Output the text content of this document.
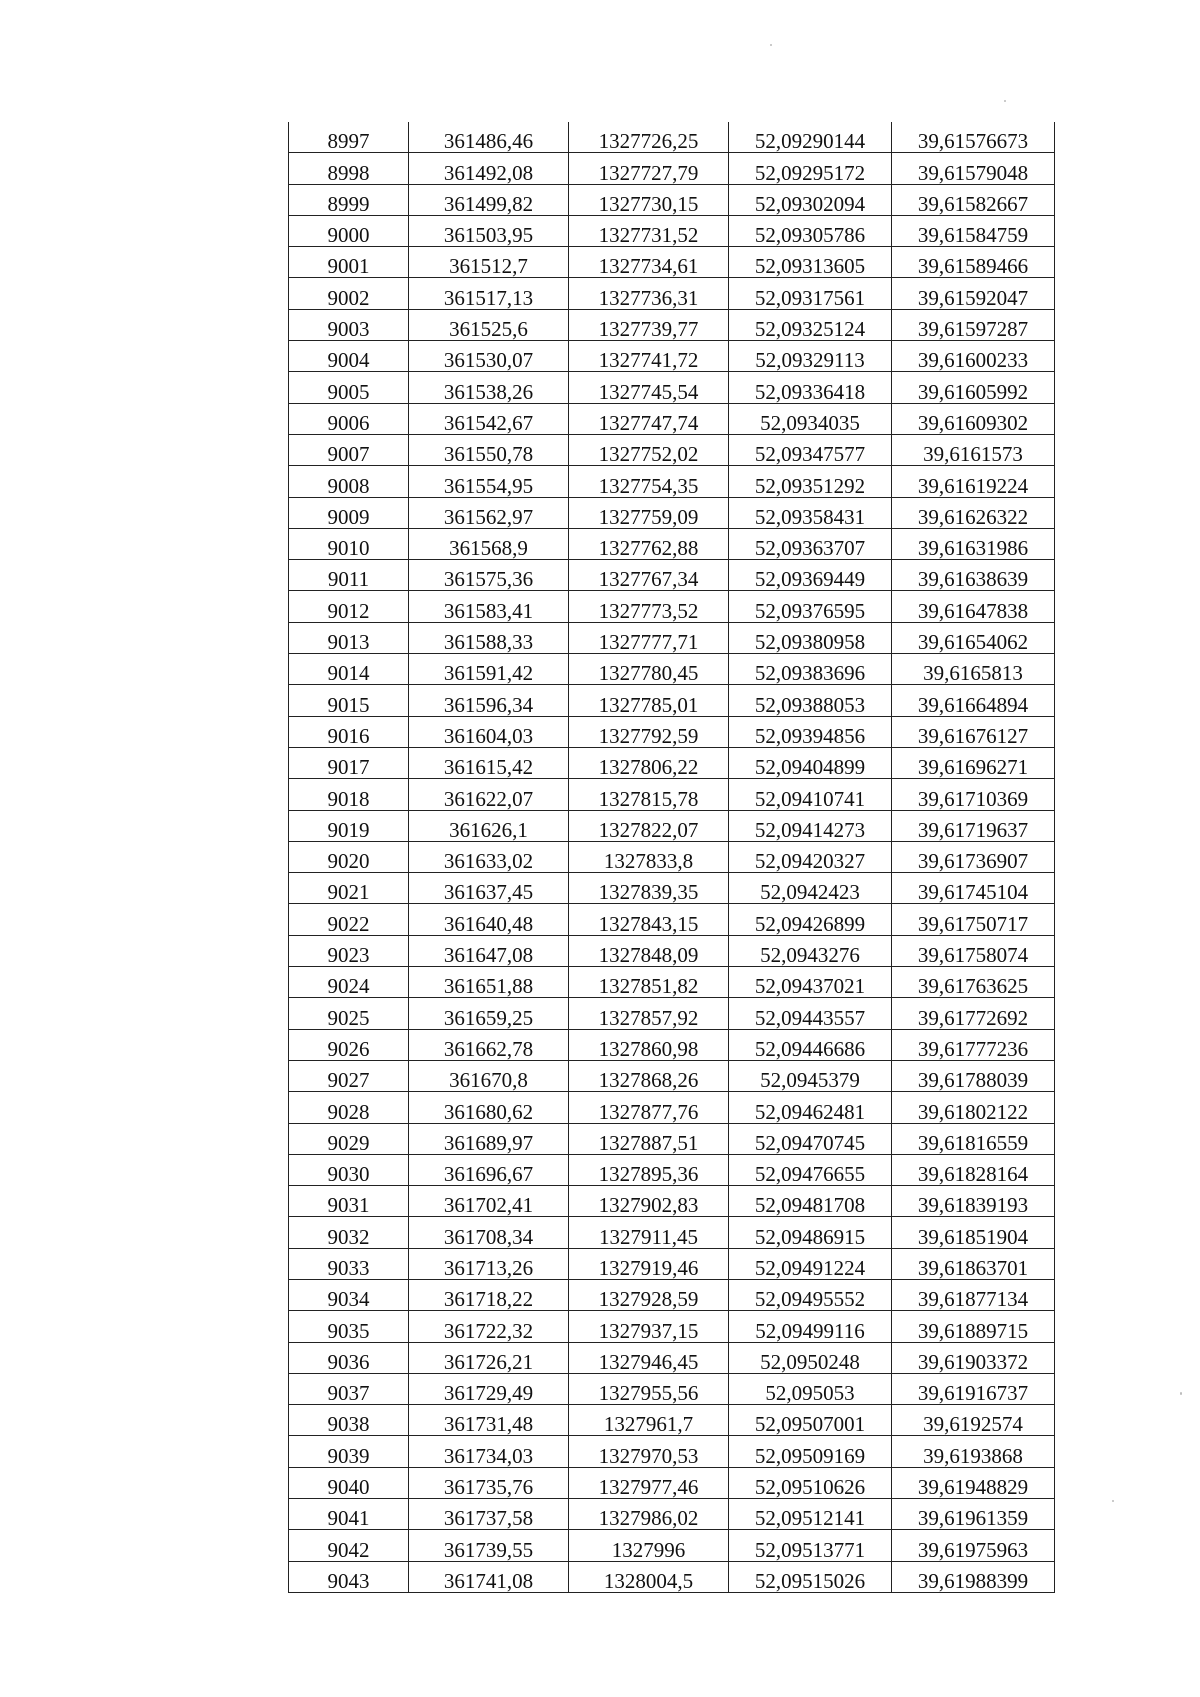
8997	361486,46	1327726,25	52,09290144	39,61576673
8998	361492,08	1327727,79	52,09295172	39,61579048
8999	361499,82	1327730,15	52,09302094	39,61582667
9000	361503,95	1327731,52	52,09305786	39,61584759
9001	361512,7	1327734,61	52,09313605	39,61589466
9002	361517,13	1327736,31	52,09317561	39,61592047
9003	361525,6	1327739,77	52,09325124	39,61597287
9004	361530,07	1327741,72	52,09329113	39,61600233
9005	361538,26	1327745,54	52,09336418	39,61605992
9006	361542,67	1327747,74	52,0934035	39,61609302
9007	361550,78	1327752,02	52,09347577	39,6161573
9008	361554,95	1327754,35	52,09351292	39,61619224
9009	361562,97	1327759,09	52,09358431	39,61626322
9010	361568,9	1327762,88	52,09363707	39,61631986
9011	361575,36	1327767,34	52,09369449	39,61638639
9012	361583,41	1327773,52	52,09376595	39,61647838
9013	361588,33	1327777,71	52,09380958	39,61654062
9014	361591,42	1327780,45	52,09383696	39,6165813
9015	361596,34	1327785,01	52,09388053	39,61664894
9016	361604,03	1327792,59	52,09394856	39,61676127
9017	361615,42	1327806,22	52,09404899	39,61696271
9018	361622,07	1327815,78	52,09410741	39,61710369
9019	361626,1	1327822,07	52,09414273	39,61719637
9020	361633,02	1327833,8	52,09420327	39,61736907
9021	361637,45	1327839,35	52,0942423	39,61745104
9022	361640,48	1327843,15	52,09426899	39,61750717
9023	361647,08	1327848,09	52,0943276	39,61758074
9024	361651,88	1327851,82	52,09437021	39,61763625
9025	361659,25	1327857,92	52,09443557	39,61772692
9026	361662,78	1327860,98	52,09446686	39,61777236
9027	361670,8	1327868,26	52,0945379	39,61788039
9028	361680,62	1327877,76	52,09462481	39,61802122
9029	361689,97	1327887,51	52,09470745	39,61816559
9030	361696,67	1327895,36	52,09476655	39,61828164
9031	361702,41	1327902,83	52,09481708	39,61839193
9032	361708,34	1327911,45	52,09486915	39,61851904
9033	361713,26	1327919,46	52,09491224	39,61863701
9034	361718,22	1327928,59	52,09495552	39,61877134
9035	361722,32	1327937,15	52,09499116	39,61889715
9036	361726,21	1327946,45	52,0950248	39,61903372
9037	361729,49	1327955,56	52,095053	39,61916737
9038	361731,48	1327961,7	52,09507001	39,6192574
9039	361734,03	1327970,53	52,09509169	39,6193868
9040	361735,76	1327977,46	52,09510626	39,61948829
9041	361737,58	1327986,02	52,09512141	39,61961359
9042	361739,55	1327996	52,09513771	39,61975963
9043	361741,08	1328004,5	52,09515026	39,61988399
